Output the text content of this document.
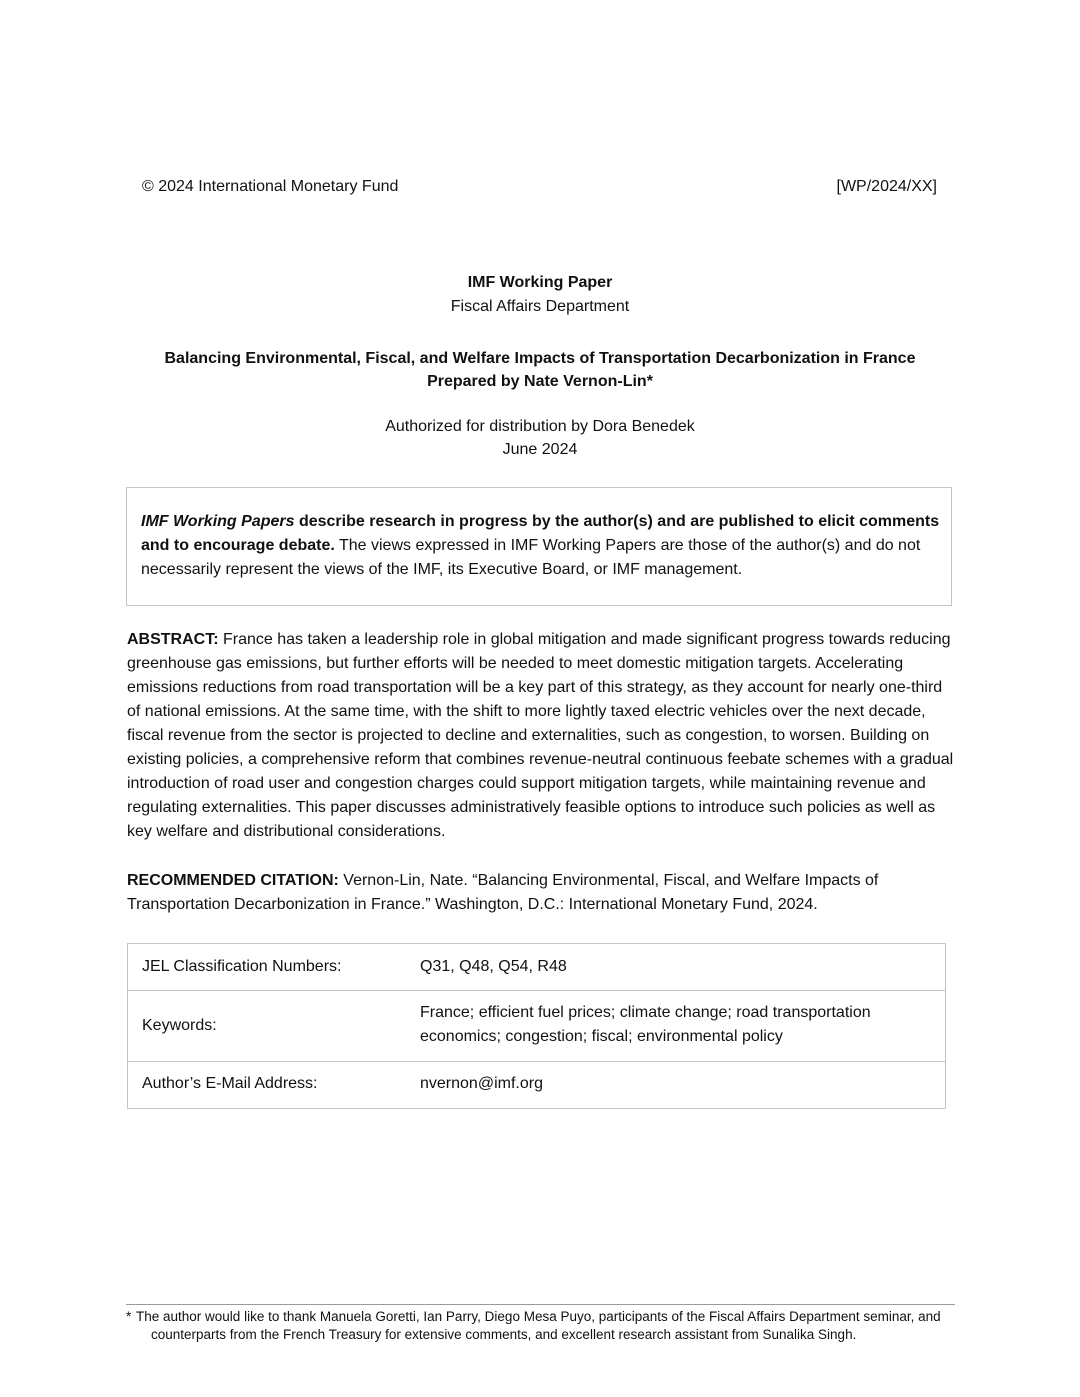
© 2024 International Monetary Fund	[WP/2024/XX]
IMF Working Paper
Fiscal Affairs Department
Balancing Environmental, Fiscal, and Welfare Impacts of Transportation Decarbonization in France
Prepared by Nate Vernon-Lin*
Authorized for distribution by Dora Benedek
June 2024
IMF Working Papers describe research in progress by the author(s) and are published to elicit comments and to encourage debate. The views expressed in IMF Working Papers are those of the author(s) and do not necessarily represent the views of the IMF, its Executive Board, or IMF management.
ABSTRACT: France has taken a leadership role in global mitigation and made significant progress towards reducing greenhouse gas emissions, but further efforts will be needed to meet domestic mitigation targets. Accelerating emissions reductions from road transportation will be a key part of this strategy, as they account for nearly one-third of national emissions. At the same time, with the shift to more lightly taxed electric vehicles over the next decade, fiscal revenue from the sector is projected to decline and externalities, such as congestion, to worsen. Building on existing policies, a comprehensive reform that combines revenue-neutral continuous feebate schemes with a gradual introduction of road user and congestion charges could support mitigation targets, while maintaining revenue and regulating externalities. This paper discusses administratively feasible options to introduce such policies as well as key welfare and distributional considerations.
RECOMMENDED CITATION: Vernon-Lin, Nate. “Balancing Environmental, Fiscal, and Welfare Impacts of Transportation Decarbonization in France.” Washington, D.C.: International Monetary Fund, 2024.
JEL Classification Numbers:	Q31, Q48, Q54, R48
Keywords:
France; efficient fuel prices; climate change; road transportation economics; congestion; fiscal; environmental policy
Author’s E-Mail Address:	nvernon@imf.org
* The author would like to thank Manuela Goretti, Ian Parry, Diego Mesa Puyo, participants of the Fiscal Affairs Department seminar, and counterparts from the French Treasury for extensive comments, and excellent research assistant from Sunalika Singh.
